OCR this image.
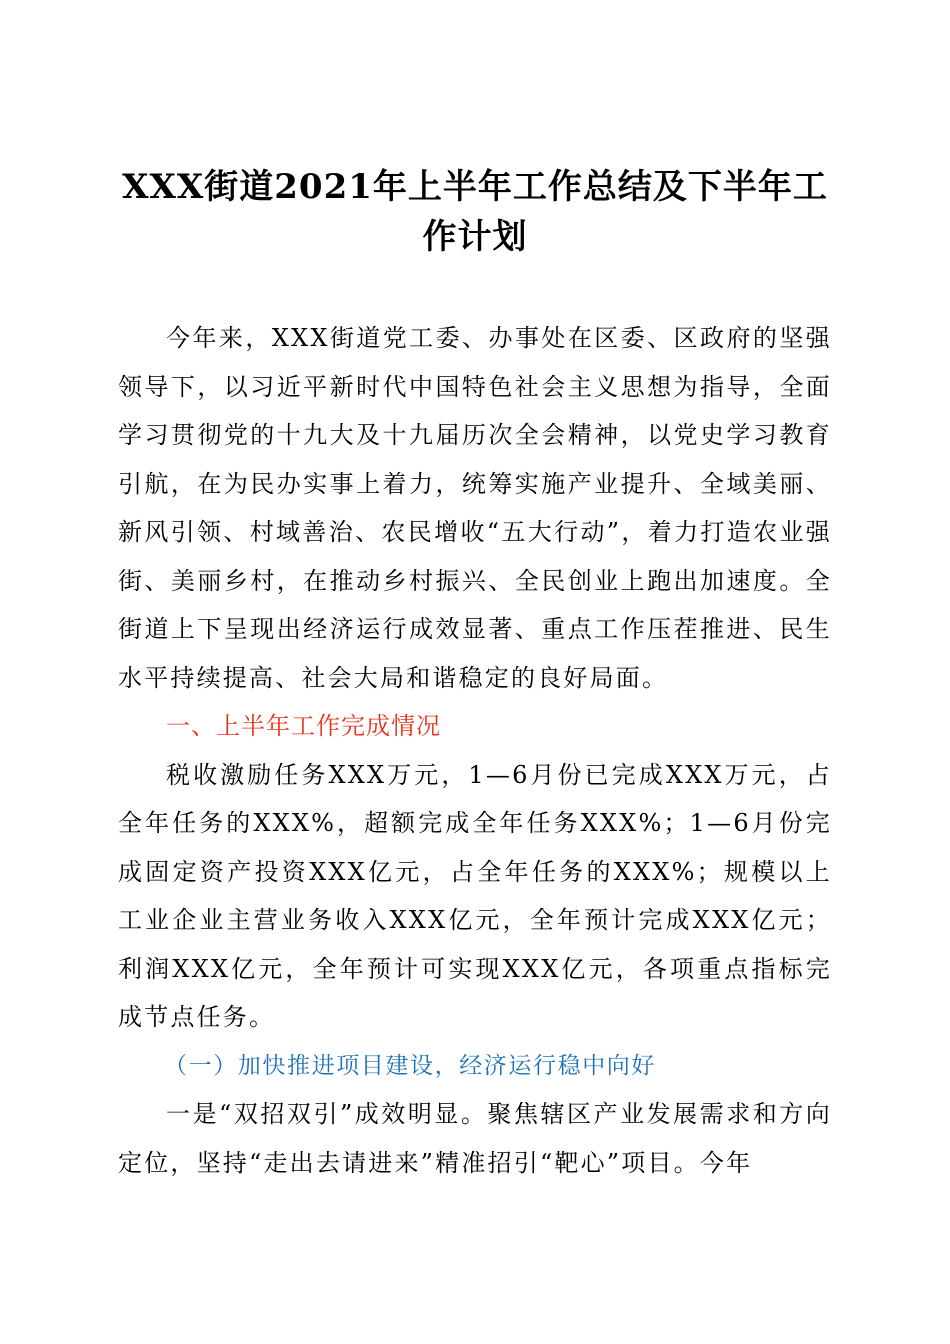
XXX街道2021年上半年工作总结及下半年工作计划

今年来，XXX街道党工委、办事处在区委、区政府的坚强领导下，以习近平新时代中国特色社会主义思想为指导，全面学习贯彻党的十九大及十九届历次全会精神，以党史学习教育引航，在为民办实事上着力，统筹实施产业提升、全域美丽、新风引领、村域善治、农民增收“五大行动”，着力打造农业强街、美丽乡村，在推动乡村振兴、全民创业上跑出加速度。全街道上下呈现出经济运行成效显著、重点工作压茬推进、民生水平持续提高、社会大局和谐稳定的良好局面。

一、上半年工作完成情况

税收激励任务XXX万元，1—6月份已完成XXX万元，占全年任务的XXX%，超额完成全年任务XXX%；1—6月份完成固定资产投资XXX亿元，占全年任务的XXX%；规模以上工业企业主营业务收入XXX亿元，全年预计完成XXX亿元；利润XXX亿元，全年预计可实现XXX亿元，各项重点指标完成节点任务。

（一）加快推进项目建设，经济运行稳中向好

一是“双招双引”成效明显。聚焦辖区产业发展需求和方向定位，坚持“走出去请进来”精准招引“靶心”项目。今年
